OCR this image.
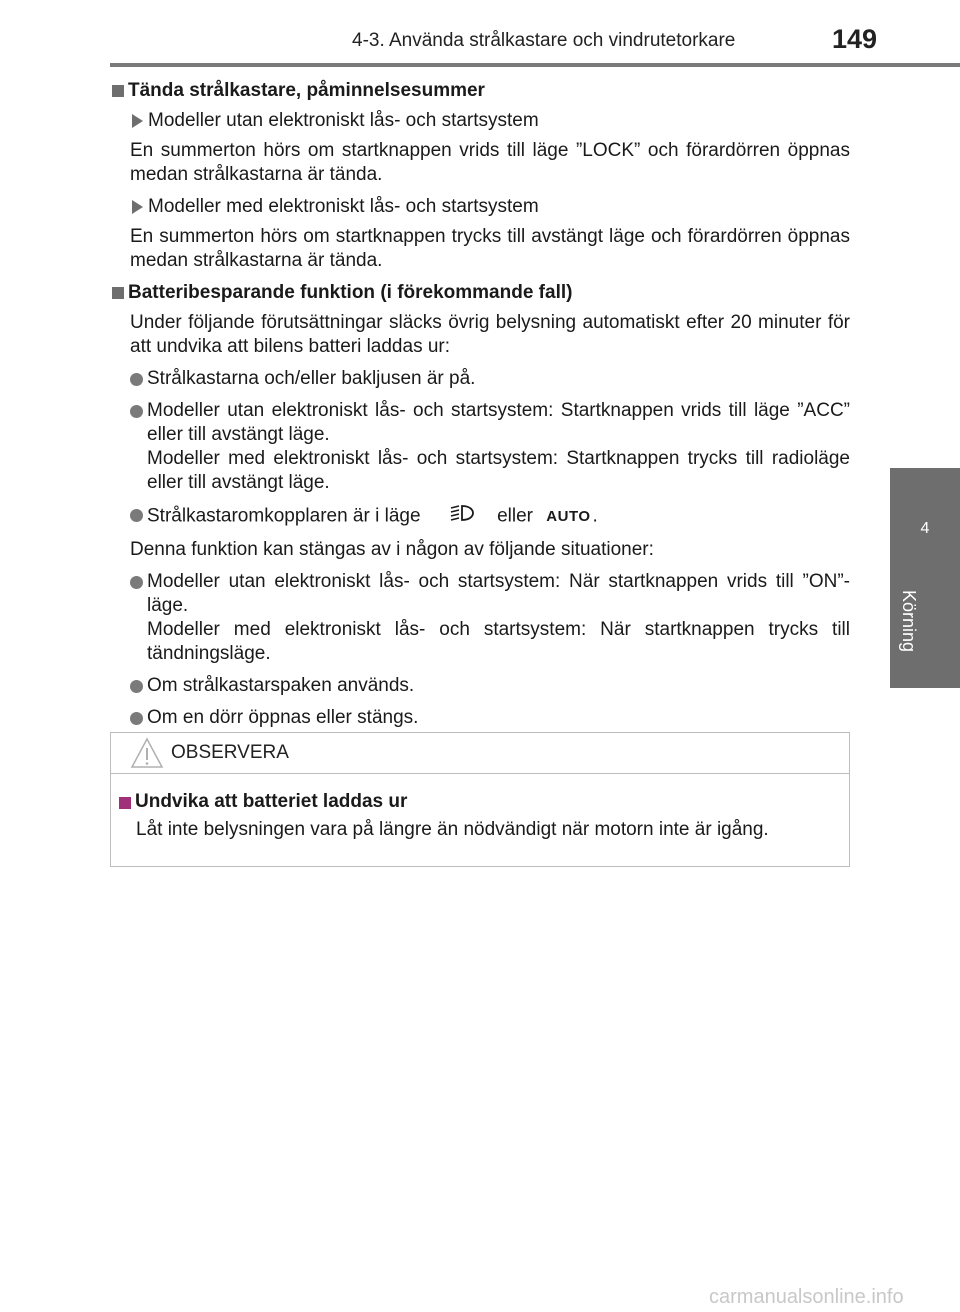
4-3. Använda strålkastare och vindrutetorkare	149
4
Körning
Tända strålkastare, påminnelsesummer
Modeller utan elektroniskt lås- och startsystem
En summerton hörs om startknappen vrids till läge ”LOCK” och förardörren öppnas medan strålkastarna är tända.
Modeller med elektroniskt lås- och startsystem
En summerton hörs om startknappen trycks till avstängt läge och förardörren öppnas medan strålkastarna är tända.
Batteribesparande funktion (i förekommande fall)
Under följande förutsättningar släcks övrig belysning automatiskt efter 20 minuter för att undvika att bilens batteri laddas ur:
Strålkastarna och/eller bakljusen är på.
Modeller utan elektroniskt lås- och startsystem: Startknappen vrids till läge ”ACC” eller till avstängt läge.
Modeller med elektroniskt lås- och startsystem: Startknappen trycks till radioläge eller till avstängt läge.
Strålkastaromkopplaren är i läge	eller AUTO .
Denna funktion kan stängas av i någon av följande situationer:
Modeller utan elektroniskt lås- och startsystem: När startknappen vrids till ”ON”-läge.
Modeller med elektroniskt lås- och startsystem: När startknappen trycks till tändningsläge.
Om strålkastarspaken används.
Om en dörr öppnas eller stängs.
OBSERVERA
Undvika att batteriet laddas ur
Låt inte belysningen vara på längre än nödvändigt när motorn inte är igång.
carmanualsonline.info
